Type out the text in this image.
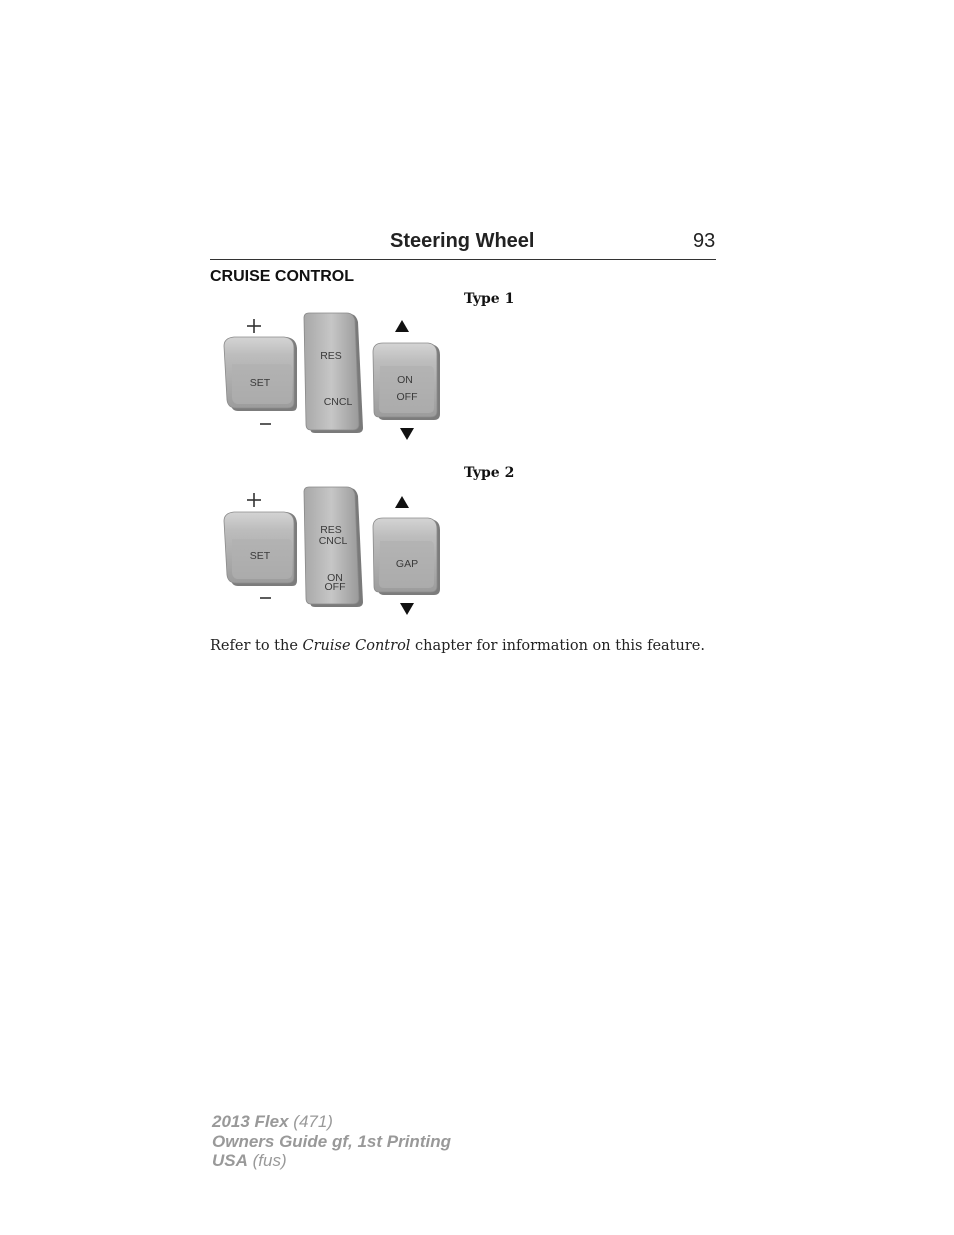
Steering Wheel	93
CRUISE CONTROL
Type 1
SET
RES
CNCL
ON
OFF
Type 2
SET
RES
CNCL
ON
OFF
GAP
Refer to the Cruise Control chapter for information on this feature.
2013 Flex (471)
Owners Guide gf, 1st Printing
USA (fus)
